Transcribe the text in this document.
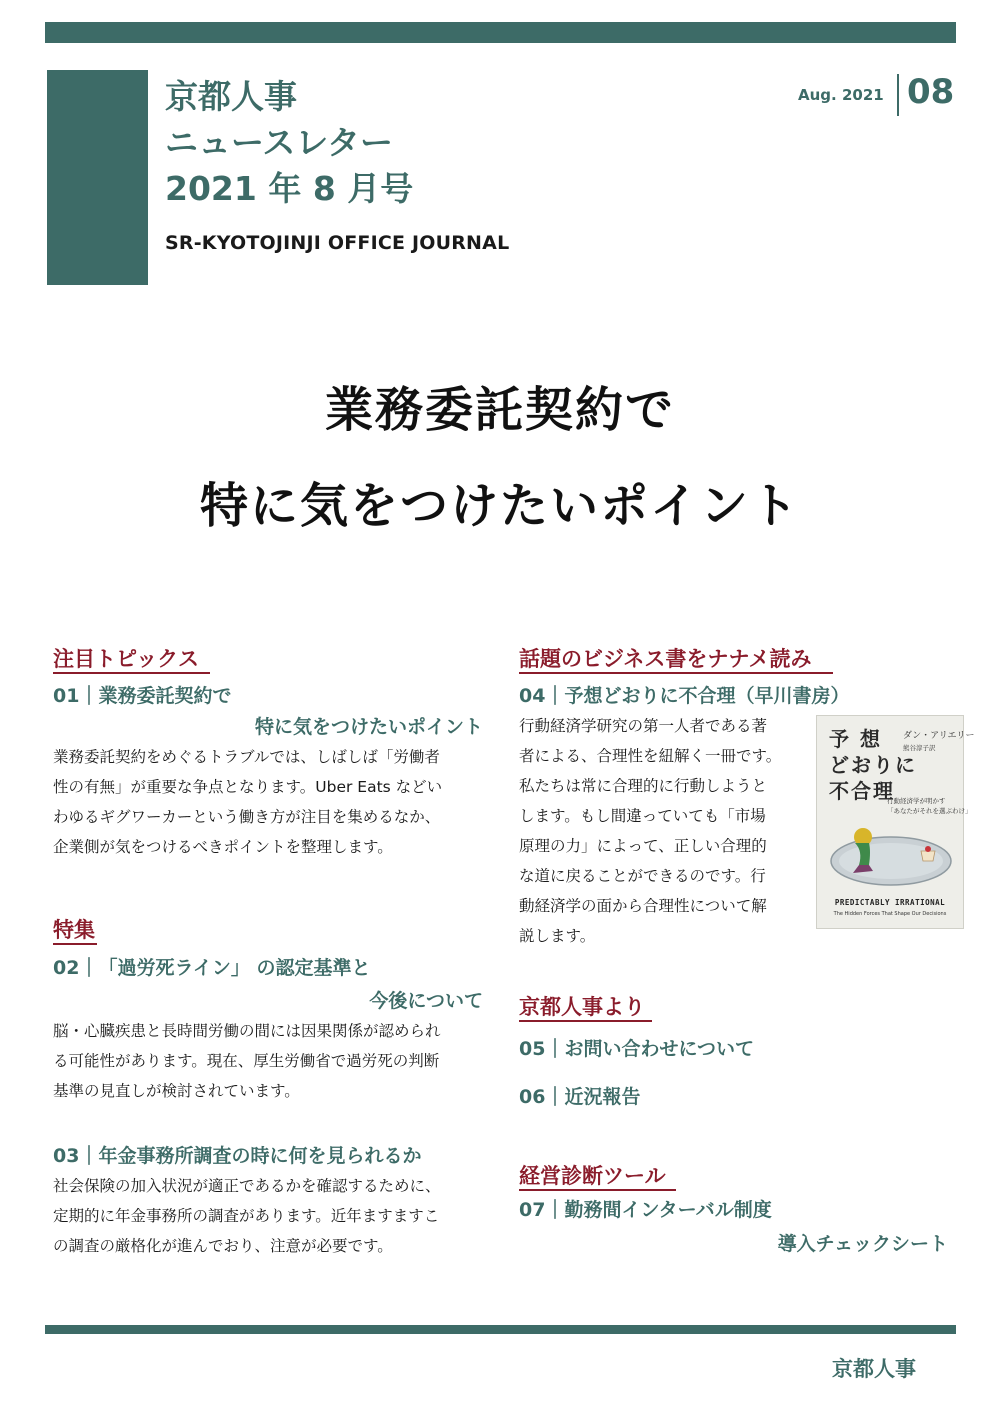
京都人事
ニュースレター
2021 年 8 月号
SR-KYOTOJINJI OFFICE JOURNAL
Aug. 2021 08
業務委託契約で
特に気をつけたいポイント
注目トピックス
01｜業務委託契約で
特に気をつけたいポイント
業務委託契約をめぐるトラブルでは、しばしば「労働者
性の有無」が重要な争点となります。Uber Eats などい
わゆるギグワーカーという働き方が注目を集めるなか、
企業側が気をつけるべきポイントを整理します。
特集
02｜「過労死ライン」 の認定基準と
今後について
脳・心臓疾患と長時間労働の間には因果関係が認められ
る可能性があります。現在、厚生労働省で過労死の判断
基準の見直しが検討されています。
03｜年金事務所調査の時に何を見られるか
社会保険の加入状況が適正であるかを確認するために、
定期的に年金事務所の調査があります。近年ますますこ
の調査の厳格化が進んでおり、注意が必要です。
話題のビジネス書をナナメ読み
04｜予想どおりに不合理（早川書房）
行動経済学研究の第一人者である著
者による、合理性を紐解く一冊です。
私たちは常に合理的に行動しようと
します。もし間違っていても「市場
原理の力」によって、正しい合理的
な道に戻ることができるのです。行
動経済学の面から合理性について解
説します。
予 想
どおりに
不合理
ダン・アリエリー
熊谷淳子訳
行動経済学が明かす
「あなたがそれを選ぶわけ」
PREDICTABLY IRRATIONAL
The Hidden Forces That Shape Our Decisions
京都人事より
05｜お問い合わせについて
06｜近況報告
経営診断ツール
07｜勤務間インターバル制度
導入チェックシート
京都人事
